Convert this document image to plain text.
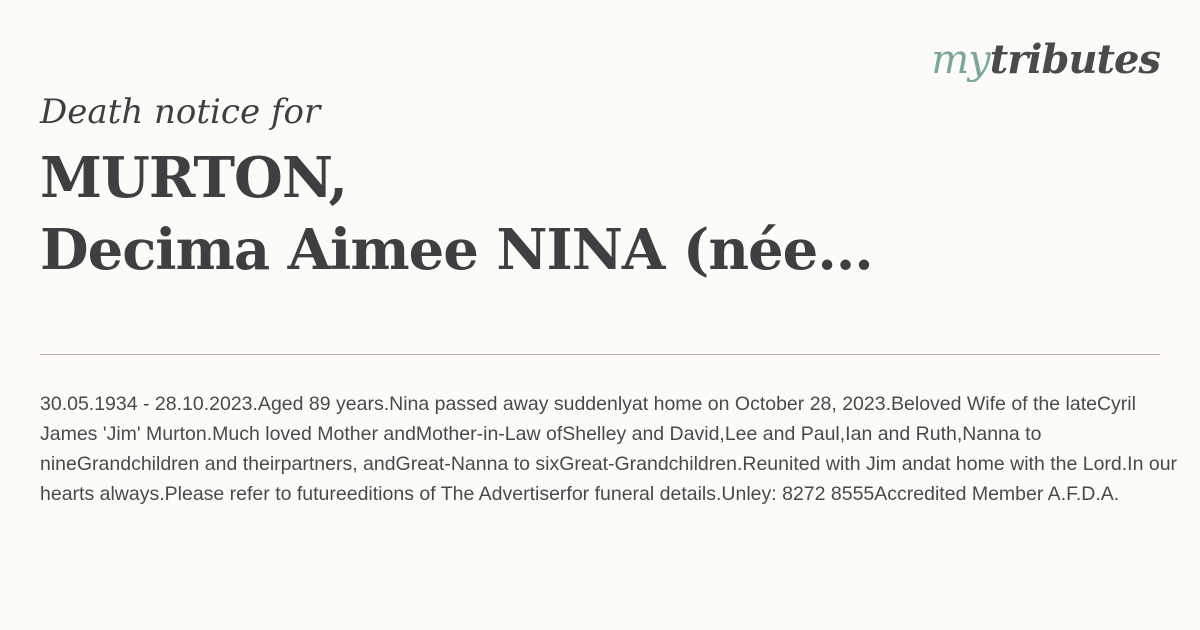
mytributes
Death notice for
MURTON,
Decima Aimee NINA (née...
30.05.1934 - 28.10.2023.Aged 89 years.Nina passed away suddenlyat home on October 28, 2023.Beloved Wife of the lateCyril James 'Jim' Murton.Much loved Mother andMother-in-Law ofShelley and David,Lee and Paul,Ian and Ruth,Nanna to nineGrandchildren and theirpartners, andGreat-Nanna to sixGreat-Grandchildren.Reunited with Jim andat home with the Lord.In our hearts always.Please refer to futureeditions of The Advertiserfor funeral details.Unley: 8272 8555Accredited Member A.F.D.A.
